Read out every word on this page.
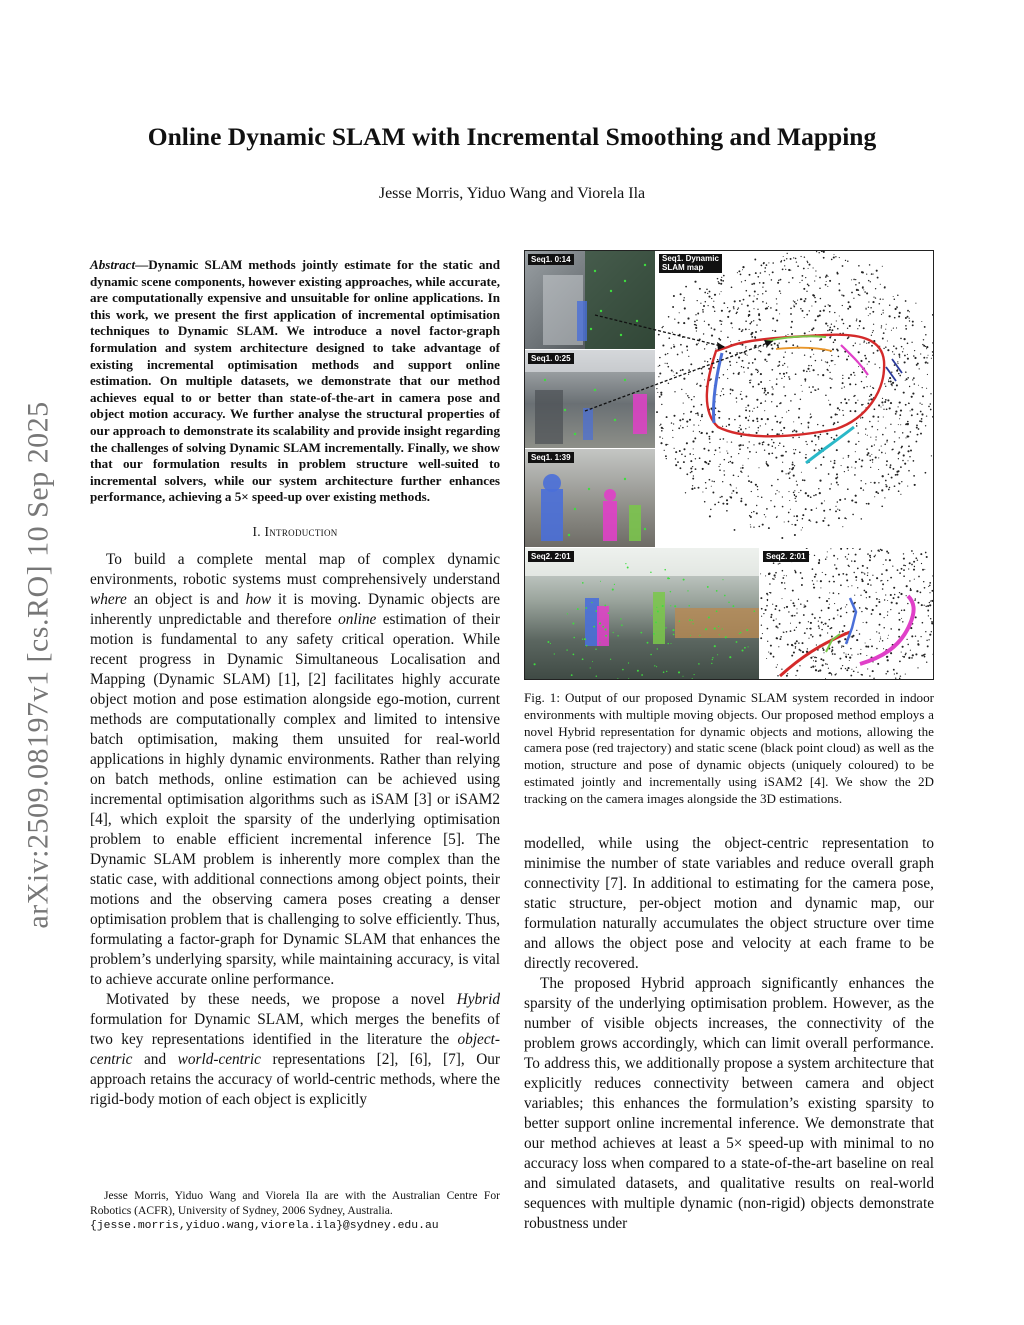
arXiv:2509.08197v1 [cs.RO] 10 Sep 2025
Online Dynamic SLAM with Incremental Smoothing and Mapping
Jesse Morris, Yiduo Wang and Viorela Ila

Abstract—Dynamic SLAM methods jointly estimate for the static and dynamic scene components, however existing approaches, while accurate, are computationally expensive and unsuitable for online applications. In this work, we present the first application of incremental optimisation techniques to Dynamic SLAM. We introduce a novel factor-graph formulation and system architecture designed to take advantage of existing incremental optimisation methods and support online estimation. On multiple datasets, we demonstrate that our method achieves equal to or better than state-of-the-art in camera pose and object motion accuracy. We further analyse the structural properties of our approach to demonstrate its scalability and provide insight regarding the challenges of solving Dynamic SLAM incrementally. Finally, we show that our formulation results in problem structure well-suited to incremental solvers, while our system architecture further enhances performance, achieving a 5× speed-up over existing methods.

I. Introduction

To build a complete mental map of complex dynamic environments, robotic systems must comprehensively understand where an object is and how it is moving. Dynamic objects are inherently unpredictable and therefore online estimation of their motion is fundamental to any safety critical operation. While recent progress in Dynamic Simultaneous Localisation and Mapping (Dynamic SLAM) [1], [2] facilitates highly accurate object motion and pose estimation alongside ego-motion, current methods are computationally complex and limited to intensive batch optimisation, making them unsuited for real-world applications in highly dynamic environments. Rather than relying on batch methods, online estimation can be achieved using incremental optimisation algorithms such as iSAM [3] or iSAM2 [4], which exploit the sparsity of the underlying optimisation problem to enable efficient incremental inference [5]. The Dynamic SLAM problem is inherently more complex than the static case, with additional connections among object points, their motions and the observing camera poses creating a denser optimisation problem that is challenging to solve efficiently. Thus, formulating a factor-graph for Dynamic SLAM that enhances the problem’s underlying sparsity, while maintaining accuracy, is vital to achieve accurate online performance.

Motivated by these needs, we propose a novel Hybrid formulation for Dynamic SLAM, which merges the benefits of two key representations identified in the literature the object-centric and world-centric representations [2], [6], [7], Our approach retains the accuracy of world-centric methods, where the rigid-body motion of each object is explicitly

Jesse Morris, Yiduo Wang and Viorela Ila are with the Australian Centre For Robotics (ACFR), University of Sydney, 2006 Sydney, Australia.
{jesse.morris,yiduo.wang,viorela.ila}@sydney.edu.au
Seq1. 0:14
Seq1. 0:25
Seq1. 1:39
Seq1. Dynamic
SLAM map
Seq2. 2:01	Seq2. 2:01
Fig. 1: Output of our proposed Dynamic SLAM system recorded in indoor environments with multiple moving objects. Our proposed method employs a novel Hybrid representation for dynamic objects and motions, allowing the camera pose (red trajectory) and static scene (black point cloud) as well as the motion, structure and pose of dynamic objects (uniquely coloured) to be estimated jointly and incrementally using iSAM2 [4]. We show the 2D tracking on the camera images alongside the 3D estimations.

modelled, while using the object-centric representation to minimise the number of state variables and reduce overall graph connectivity [7]. In additional to estimating for the camera pose, static structure, per-object motion and dynamic map, our formulation naturally accumulates the object structure over time and allows the object pose and velocity at each frame to be directly recovered.

The proposed Hybrid approach significantly enhances the sparsity of the underlying optimisation problem. However, as the number of visible objects increases, the connectivity of the problem grows accordingly, which can limit overall performance. To address this, we additionally propose a system architecture that explicitly reduces connectivity between camera and object variables; this enhances the formulation’s existing sparsity to better support online incremental inference. We demonstrate that our method achieves at least a 5× speed-up with minimal to no accuracy loss when compared to a state-of-the-art baseline on real and simulated datasets, and qualitative results on real-world sequences with multiple dynamic (non-rigid) objects demonstrate robustness under
